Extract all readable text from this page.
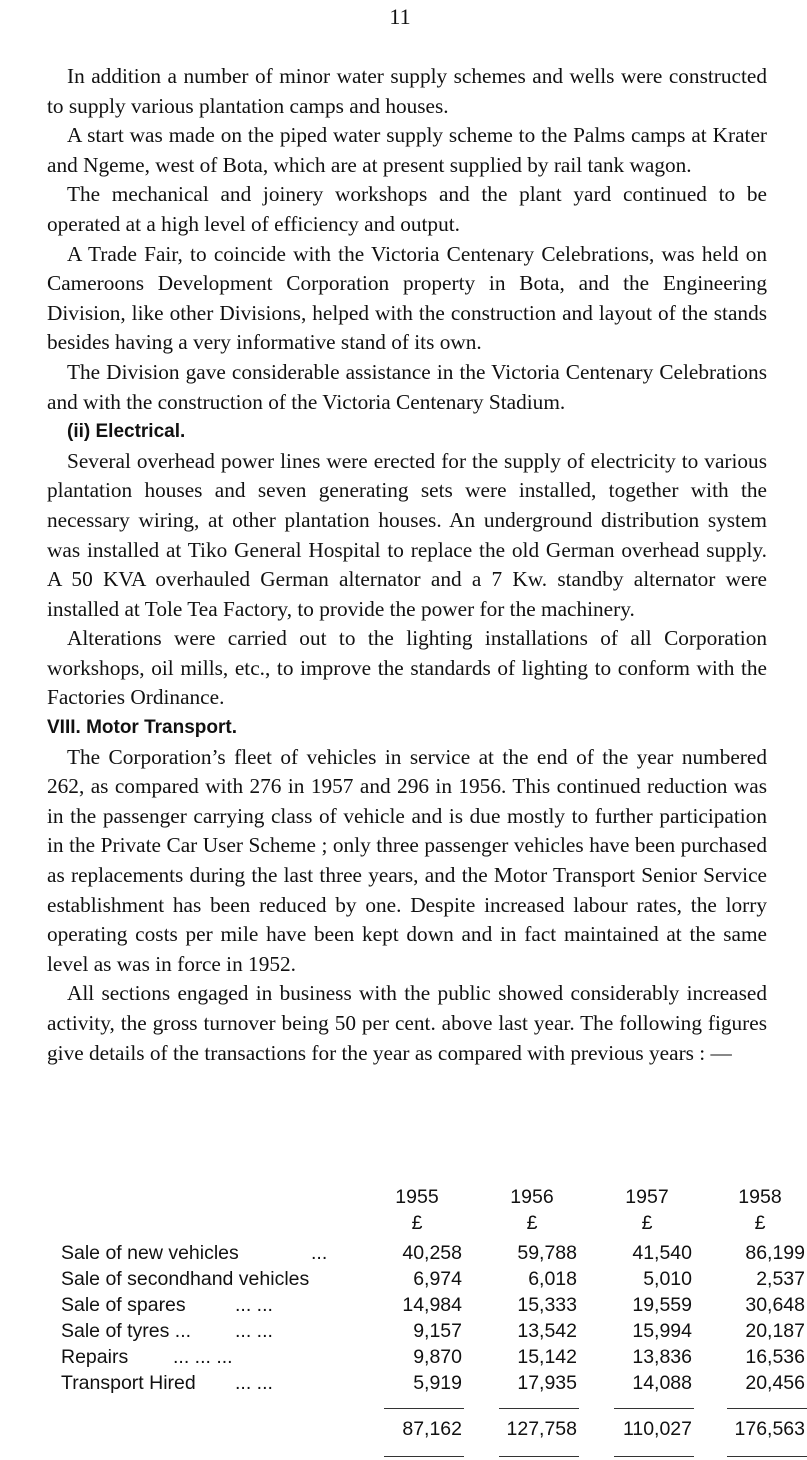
11

In addition a number of minor water supply schemes and wells were constructed to supply various plantation camps and houses.

A start was made on the piped water supply scheme to the Palms camps at Krater and Ngeme, west of Bota, which are at present supplied by rail tank wagon.

The mechanical and joinery workshops and the plant yard continued to be operated at a high level of efficiency and output.

A Trade Fair, to coincide with the Victoria Centenary Celebrations, was held on Cameroons Development Corporation property in Bota, and the Engineering Division, like other Divisions, helped with the construction and layout of the stands besides having a very informative stand of its own.

The Division gave considerable assistance in the Victoria Centenary Celebrations and with the construction of the Victoria Centenary Stadium.

(ii) Electrical.

Several overhead power lines were erected for the supply of electricity to various plantation houses and seven generating sets were installed, together with the necessary wiring, at other plantation houses. An underground distribution system was installed at Tiko General Hospital to replace the old German overhead supply. A 50 KVA overhauled German alternator and a 7 Kw. standby alternator were installed at Tole Tea Factory, to provide the power for the machinery.

Alterations were carried out to the lighting installations of all Corporation workshops, oil mills, etc., to improve the standards of lighting to conform with the Factories Ordinance.

VIII. Motor Transport.

The Corporation’s fleet of vehicles in service at the end of the year numbered 262, as compared with 276 in 1957 and 296 in 1956. This continued reduction was in the passenger carrying class of vehicle and is due mostly to further participation in the Private Car User Scheme ; only three passenger vehicles have been purchased as replacements during the last three years, and the Motor Transport Senior Service establishment has been reduced by one. Despite increased labour rates, the lorry operating costs per mile have been kept down and in fact maintained at the same level as was in force in 1952.

All sections engaged in business with the public showed considerably increased activity, the gross turnover being 50 per cent. above last year. The following figures give details of the transactions for the year as compared with previous years : —

1955	1956	1957	1958
£	£	£	£
Sale of new vehicles	...	40,258	59,788	41,540	86,199
Sale of secondhand vehicles	6,974	6,018	5,010	2,537
Sale of spares	... ...	14,984	15,333	19,559	30,648
Sale of tyres ... ... ...	9,157	13,542	15,994	20,187
Repairs ... ... ...	9,870	15,142	13,836	16,536
Transport Hired ... ...	5,919	17,935	14,088	20,456
87,162	127,758	110,027	176,563
